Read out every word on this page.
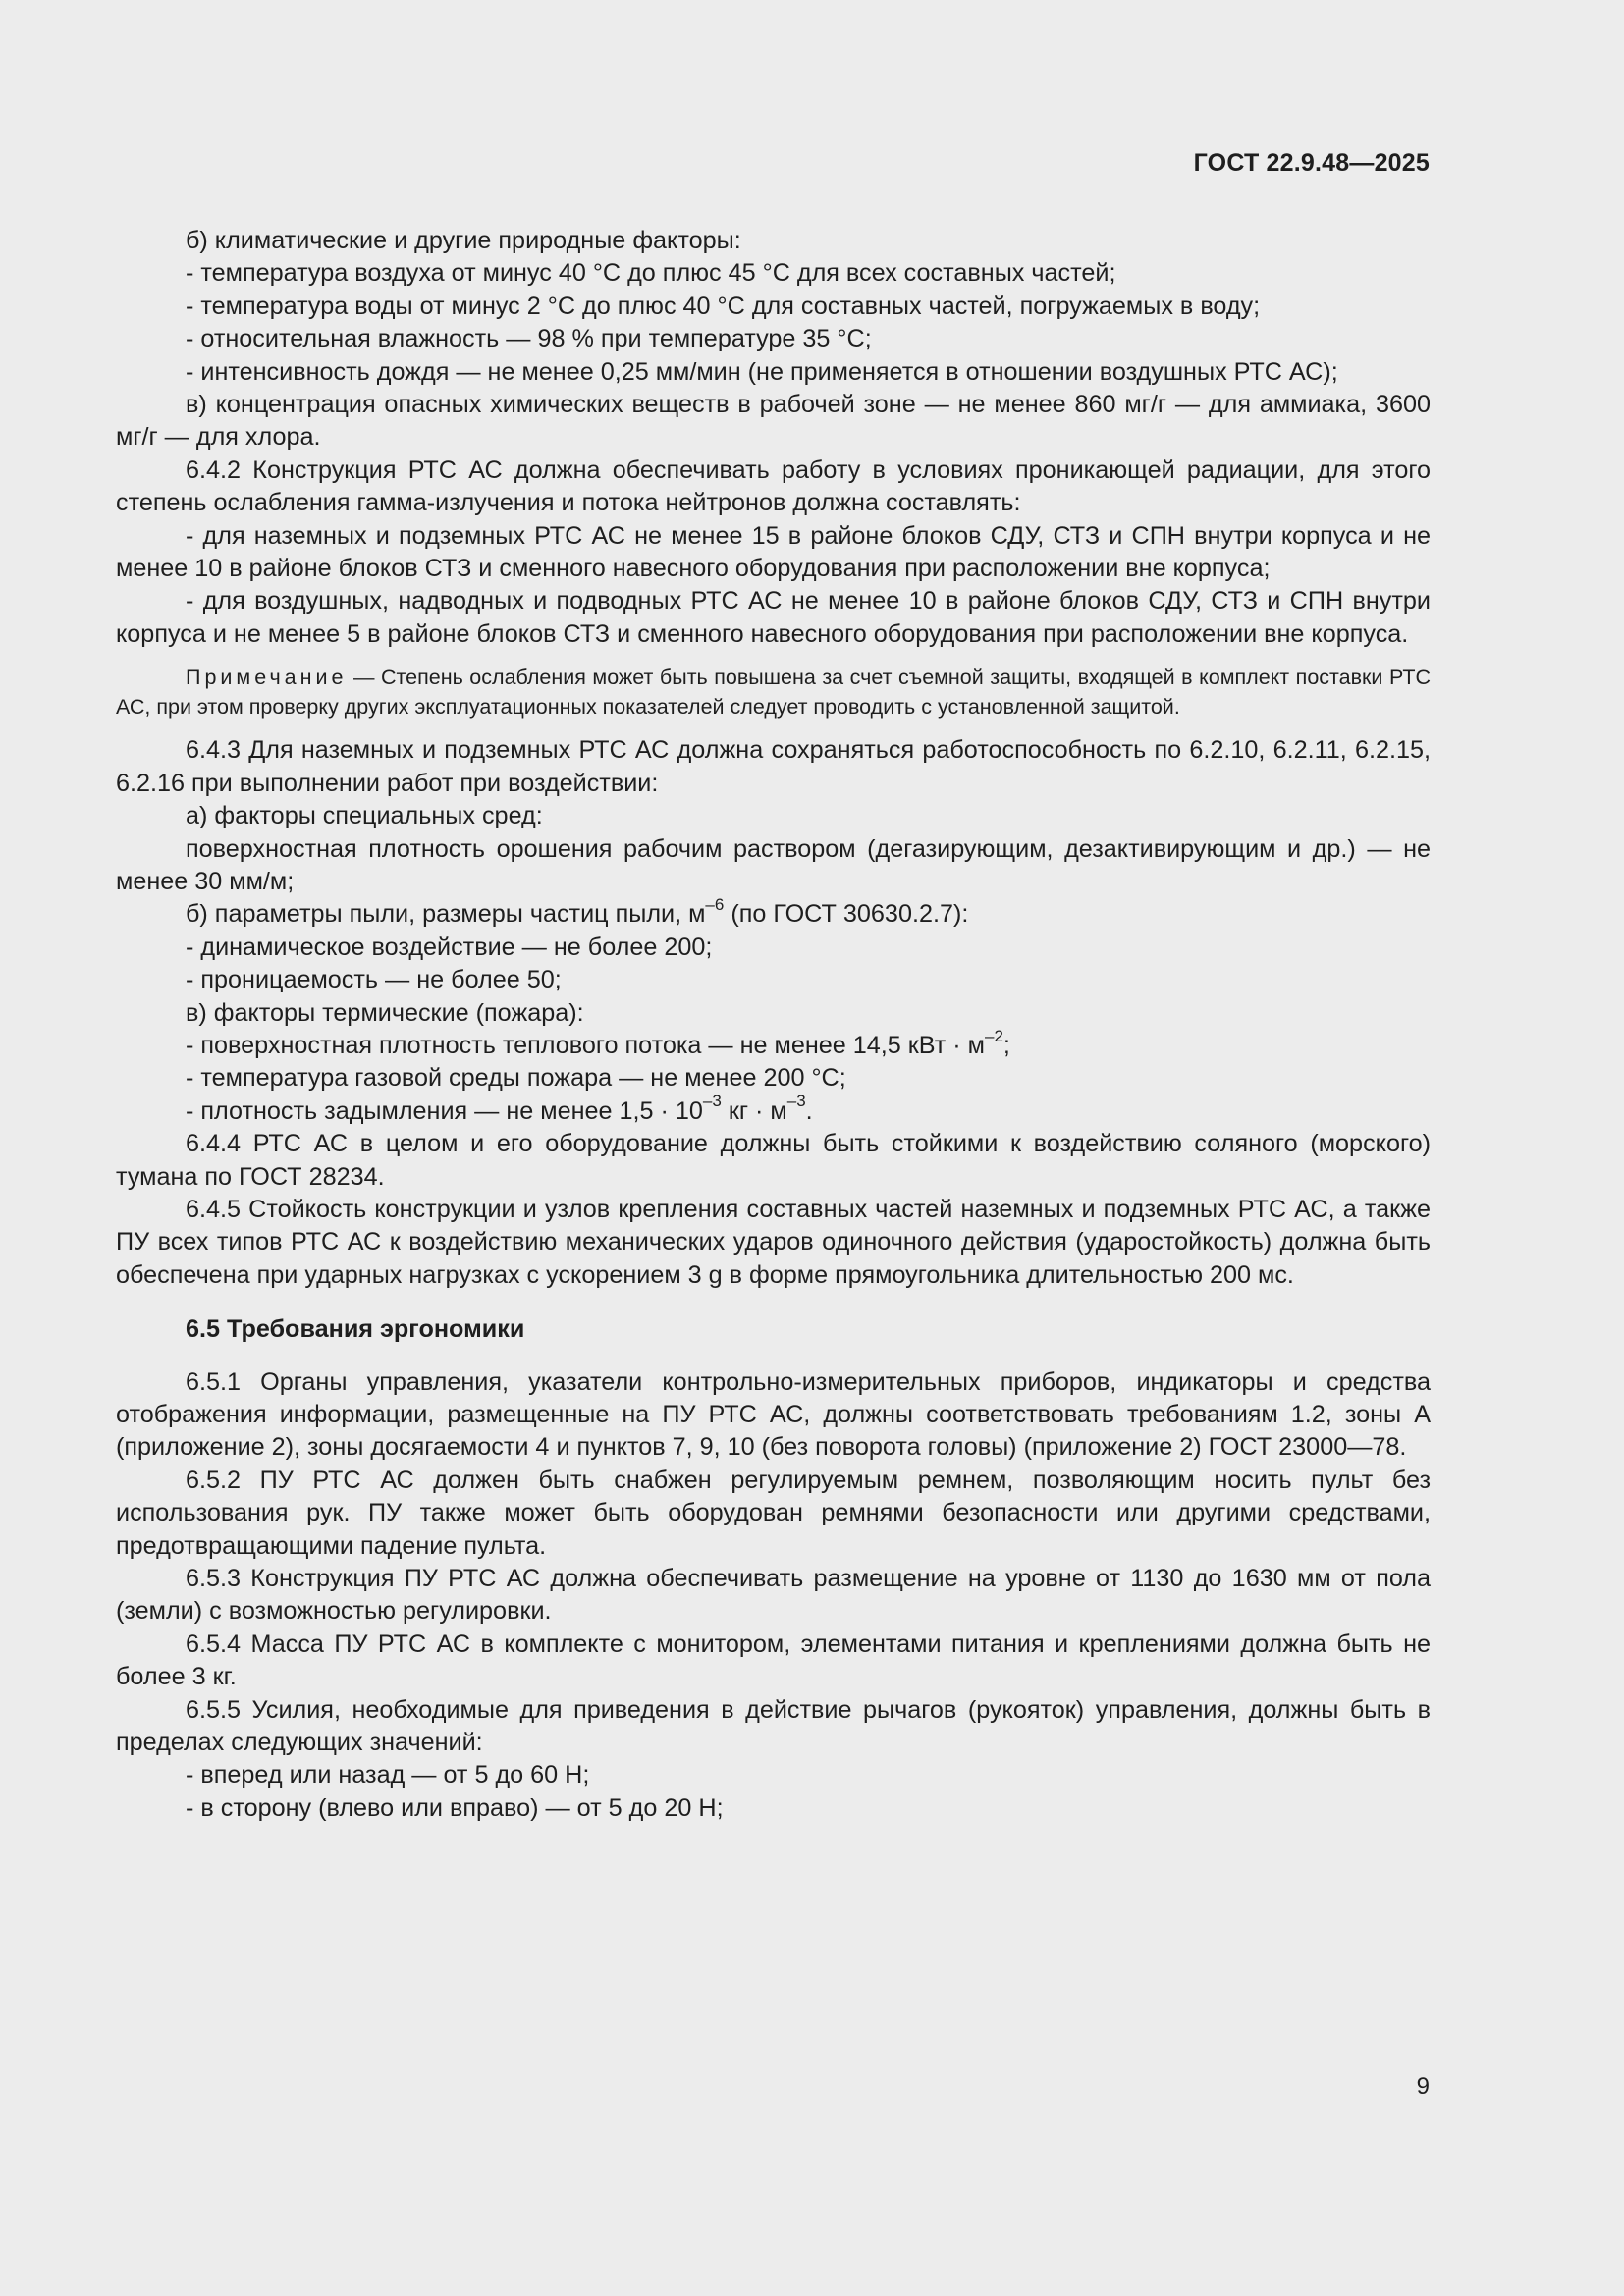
ГОСТ 22.9.48—2025

б) климатические и другие природные факторы:

- температура воздуха от минус 40 °C до плюс 45 °C для всех составных частей;

- температура воды от минус 2 °C до плюс 40 °C для составных частей, погружаемых в воду;

- относительная влажность — 98 % при температуре 35 °C;

- интенсивность дождя — не менее 0,25 мм/мин (не применяется в отношении воздушных РТС АС);

в) концентрация опасных химических веществ в рабочей зоне — не менее 860 мг/г — для аммиака, 3600 мг/г — для хлора.

6.4.2 Конструкция РТС АС должна обеспечивать работу в условиях проникающей радиации, для этого степень ослабления гамма-излучения и потока нейтронов должна составлять:

- для наземных и подземных РТС АС не менее 15 в районе блоков СДУ, СТЗ и СПН внутри корпуса и не менее 10 в районе блоков СТЗ и сменного навесного оборудования при расположении вне корпуса;

- для воздушных, надводных и подводных РТС АС не менее 10 в районе блоков СДУ, СТЗ и СПН внутри корпуса и не менее 5 в районе блоков СТЗ и сменного навесного оборудования при расположении вне корпуса.

Примечание — Степень ослабления может быть повышена за счет съемной защиты, входящей в комплект поставки РТС АС, при этом проверку других эксплуатационных показателей следует проводить с установленной защитой.

6.4.3 Для наземных и подземных РТС АС должна сохраняться работоспособность по 6.2.10, 6.2.11, 6.2.15, 6.2.16 при выполнении работ при воздействии:

а) факторы специальных сред:

поверхностная плотность орошения рабочим раствором (дегазирующим, дезактивирующим и др.) — не менее 30 мм/м;

б) параметры пыли, размеры частиц пыли, $м^{-6}$ (по ГОСТ 30630.2.7):

- динамическое воздействие — не более 200;

- проницаемость — не более 50;

в) факторы термические (пожара):

- поверхностная плотность теплового потока — не менее 14,5 кВт · $м^{-2}$;

- температура газовой среды пожара — не менее 200 °C;

- плотность задымления — не менее $1,5 \cdot 10^{-3}$ кг · $м^{-3}$.

6.4.4 РТС АС в целом и его оборудование должны быть стойкими к воздействию соляного (морского) тумана по ГОСТ 28234.

6.4.5 Стойкость конструкции и узлов крепления составных частей наземных и подземных РТС АС, а также ПУ всех типов РТС АС к воздействию механических ударов одиночного действия (ударостойкость) должна быть обеспечена при ударных нагрузках с ускорением 3 g в форме прямоугольника длительностью 200 мс.

6.5 Требования эргономики

6.5.1 Органы управления, указатели контрольно-измерительных приборов, индикаторы и средства отображения информации, размещенные на ПУ РТС АС, должны соответствовать требованиям 1.2, зоны А (приложение 2), зоны досягаемости 4 и пунктов 7, 9, 10 (без поворота головы) (приложение 2) ГОСТ 23000—78.

6.5.2 ПУ РТС АС должен быть снабжен регулируемым ремнем, позволяющим носить пульт без использования рук. ПУ также может быть оборудован ремнями безопасности или другими средствами, предотвращающими падение пульта.

6.5.3 Конструкция ПУ РТС АС должна обеспечивать размещение на уровне от 1130 до 1630 мм от пола (земли) с возможностью регулировки.

6.5.4 Масса ПУ РТС АС в комплекте с монитором, элементами питания и креплениями должна быть не более 3 кг.

6.5.5 Усилия, необходимые для приведения в действие рычагов (рукояток) управления, должны быть в пределах следующих значений:

- вперед или назад — от 5 до 60 Н;

- в сторону (влево или вправо) — от 5 до 20 Н;

9
